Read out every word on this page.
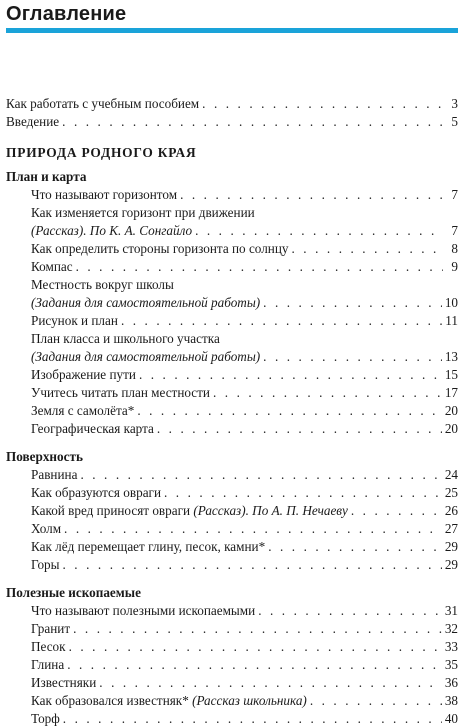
Оглавление
Как работать с учебным пособием . . .	3
Введение . . .	5
ПРИРОДА РОДНОГО КРАЯ
План и карта
Что называют горизонтом . . .	7
Как изменяется горизонт при движении
(Рассказ). По К. А. Сонгайло . . .	7
Как определить стороны горизонта по солнцу . . .	8
Компас . . .	9
Местность вокруг школы
(Задания для самостоятельной работы) . . .	10
Рисунок и план . . .	11
План класса и школьного участка
(Задания для самостоятельной работы) . . .	13
Изображение пути . . .	15
Учитесь читать план местности . . .	17
Земля с самолёта* . . .	20
Географическая карта . . .	20
Поверхность
Равнина . . .	24
Как образуются овраги . . .	25
Какой вред приносят овраги (Рассказ). По А. П. Нечаеву . . .	26
Холм . . .	27
Как лёд перемещает глину, песок, камни* . . .	29
Горы . . .	29
Полезные ископаемые
Что называют полезными ископаемыми . . .	31
Гранит . . .	32
Песок . . .	33
Глина . . .	35
Известняки . . .	36
Как образовался известняк* (Рассказ школьника) . . .	38
Торф . . .	40
